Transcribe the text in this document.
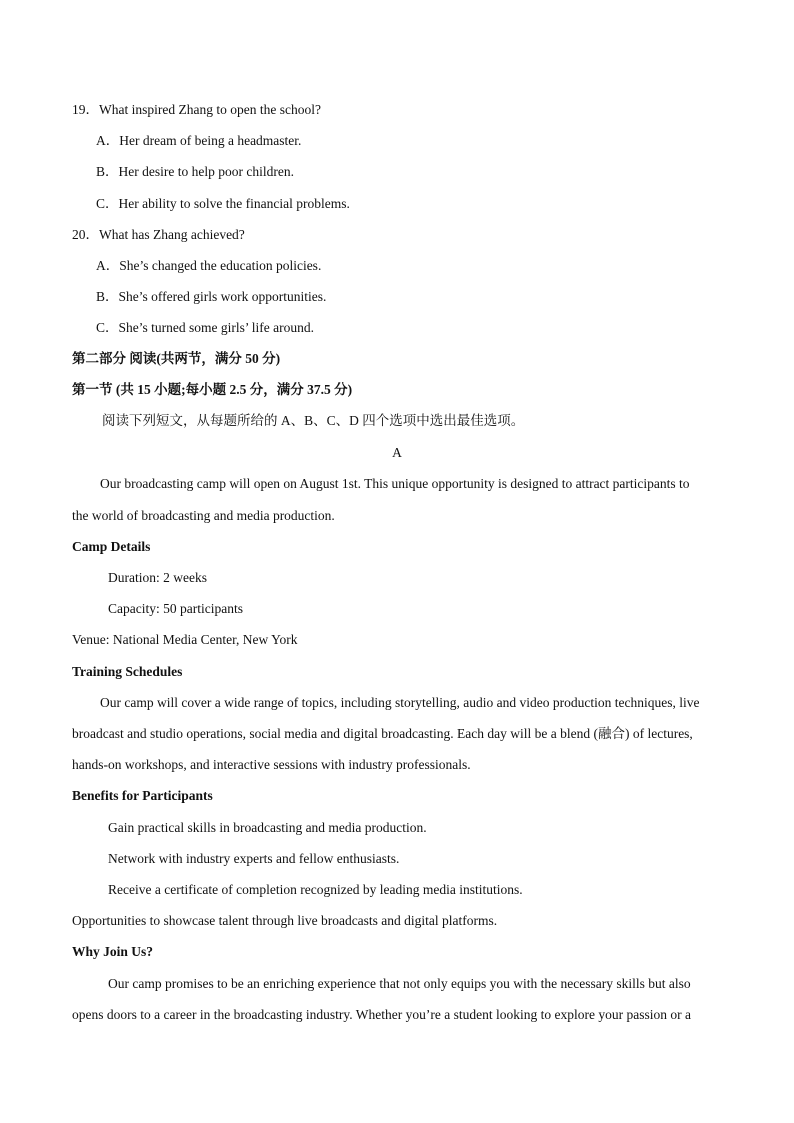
19．What inspired Zhang to open the school?
A．Her dream of being a headmaster.
B．Her desire to help poor children.
C．Her ability to solve the financial problems.
20．What has Zhang achieved?
A．She’s changed the education policies.
B．She’s offered girls work opportunities.
C．She’s turned some girls’ life around.
第二部分 阅读(共两节，满分 50 分)
第一节 (共 15 小题;每小题 2.5 分，满分 37.5 分)
阅读下列短文，从每题所给的 A、B、C、D 四个选项中选出最佳选项。
A
Our broadcasting camp will open on August 1st. This unique opportunity is designed to attract participants to
the world of broadcasting and media production.
Camp Details
Duration: 2 weeks
Capacity: 50 participants
Venue: National Media Center, New York
Training Schedules
Our camp will cover a wide range of topics, including storytelling, audio and video production techniques, live
broadcast and studio operations, social media and digital broadcasting. Each day will be a blend (融合) of lectures,
hands-on workshops, and interactive sessions with industry professionals.
Benefits for Participants
Gain practical skills in broadcasting and media production.
Network with industry experts and fellow enthusiasts.
Receive a certificate of completion recognized by leading media institutions.
Opportunities to showcase talent through live broadcasts and digital platforms.
Why Join Us?
Our camp promises to be an enriching experience that not only equips you with the necessary skills but also
opens doors to a career in the broadcasting industry. Whether you’re a student looking to explore your passion or a
